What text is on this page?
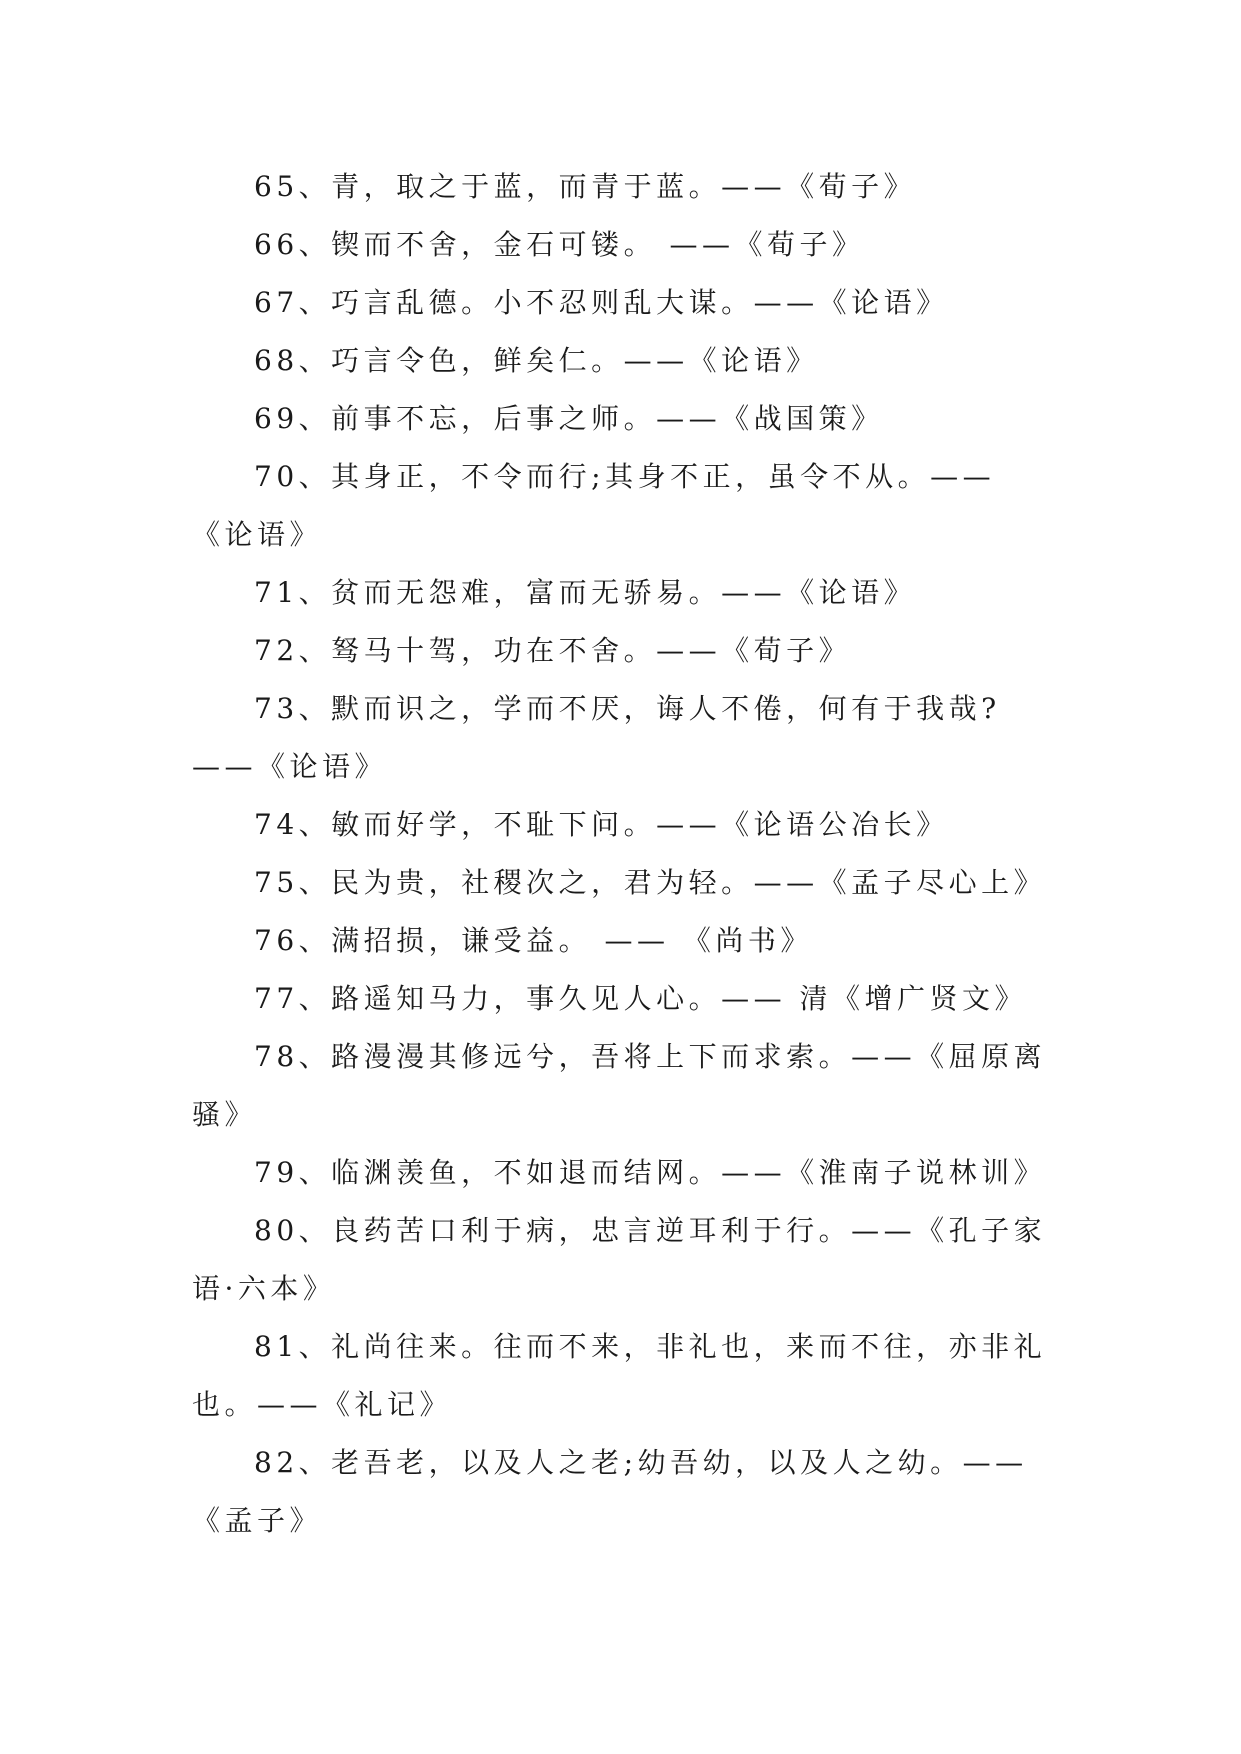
65、青，取之于蓝，而青于蓝。——《荀子》

66、锲而不舍，金石可镂。 ——《荀子》

67、巧言乱德。小不忍则乱大谋。——《论语》

68、巧言令色，鲜矣仁。——《论语》

69、前事不忘，后事之师。——《战国策》

70、其身正，不令而行;其身不正，虽令不从。——《论语》

71、贫而无怨难，富而无骄易。——《论语》

72、驽马十驾，功在不舍。——《荀子》

73、默而识之，学而不厌，诲人不倦，何有于我哉?——《论语》

74、敏而好学，不耻下问。——《论语公冶长》

75、民为贵，社稷次之，君为轻。——《孟子尽心上》

76、满招损，谦受益。 —— 《尚书》

77、路遥知马力，事久见人心。—— 清《增广贤文》

78、路漫漫其修远兮，吾将上下而求索。——《屈原离骚》

79、临渊羡鱼，不如退而结网。——《淮南子说林训》

80、良药苦口利于病，忠言逆耳利于行。——《孔子家语·六本》

81、礼尚往来。往而不来，非礼也，来而不往，亦非礼也。——《礼记》

82、老吾老，以及人之老;幼吾幼，以及人之幼。——《孟子》
